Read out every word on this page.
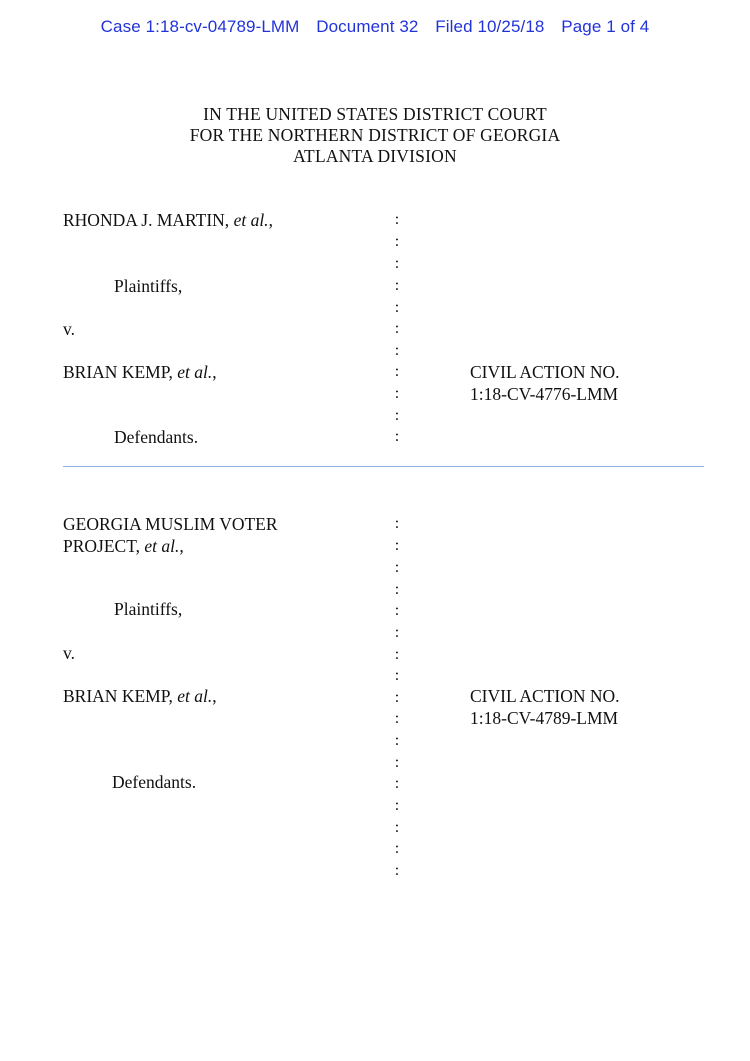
Case 1:18-cv-04789-LMM Document 32 Filed 10/25/18 Page 1 of 4
IN THE UNITED STATES DISTRICT COURT
FOR THE NORTHERN DISTRICT OF GEORGIA
ATLANTA DIVISION
RHONDA J. MARTIN, et al.,
Plaintiffs,
v.
BRIAN KEMP, et al.,
Defendants.
CIVIL ACTION NO.
1:18-CV-4776-LMM
:
:
:
:
:
:
:
:
:
:
:
GEORGIA MUSLIM VOTER
PROJECT, et al.,
Plaintiffs,
v.
BRIAN KEMP, et al.,
Defendants.
CIVIL ACTION NO.
1:18-CV-4789-LMM
:
:
:
:
:
:
:
:
:
:
:
:
:
:
:
:
:
